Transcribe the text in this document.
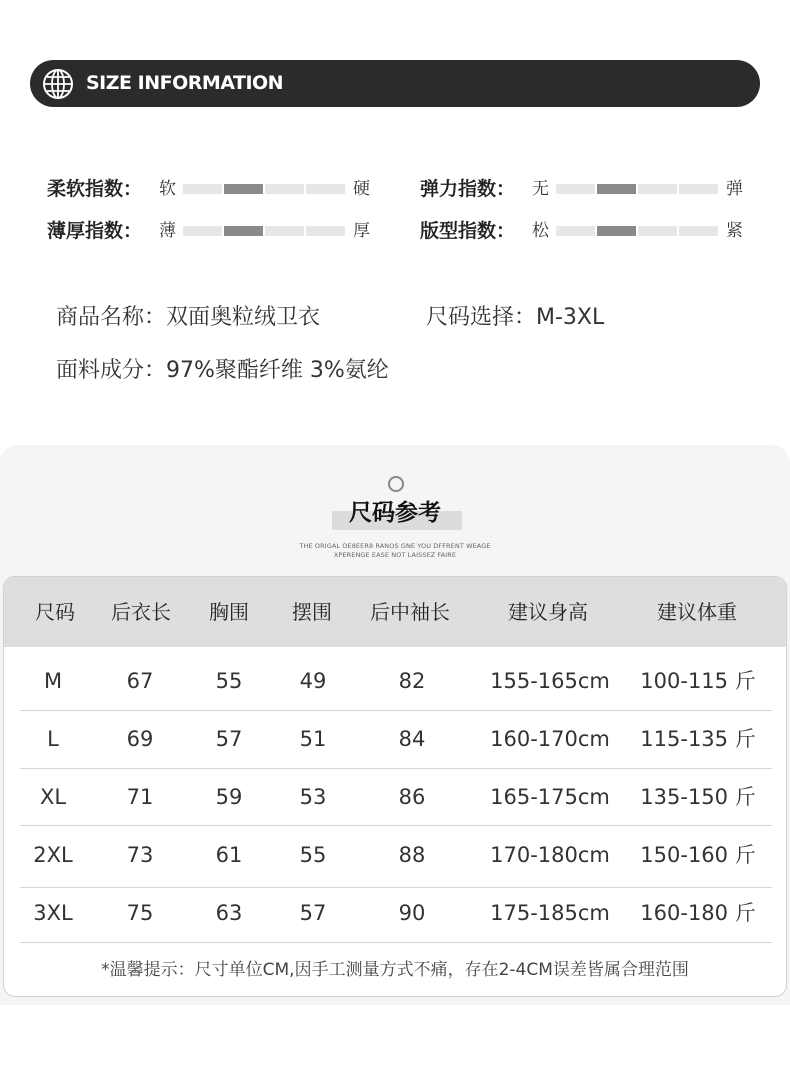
SIZE INFORMATION
柔软指数： 软	硬	弹力指数： 无	弹
薄厚指数： 薄	厚	版型指数： 松	紧
商品名称：双面奥粒绒卫衣	尺码选择：M-3XL
面料成分：97%聚酯纤维 3%氨纶
尺码参考
THE ORIGAL OE8EER8 RANOS GNE YOU DFFRENT WEAGE
XPERENGE EASE NOT LAISSEZ FAIRE
尺码 后衣长 胸围 摆围 后中袖长	建议身高	建议体重
M	67	55	49	82	155-165cm 100-115 斤
L	69	57	51	84	160-170cm 115-135 斤
XL	71	59	53	86	165-175cm 135-150 斤
2XL	73	61	55	88	170-180cm 150-160 斤
3XL	75	63	57	90	175-185cm 160-180 斤
*温馨提示：尺寸单位CM,因手工测量方式不痛，存在2-4CM误差皆属合理范围
